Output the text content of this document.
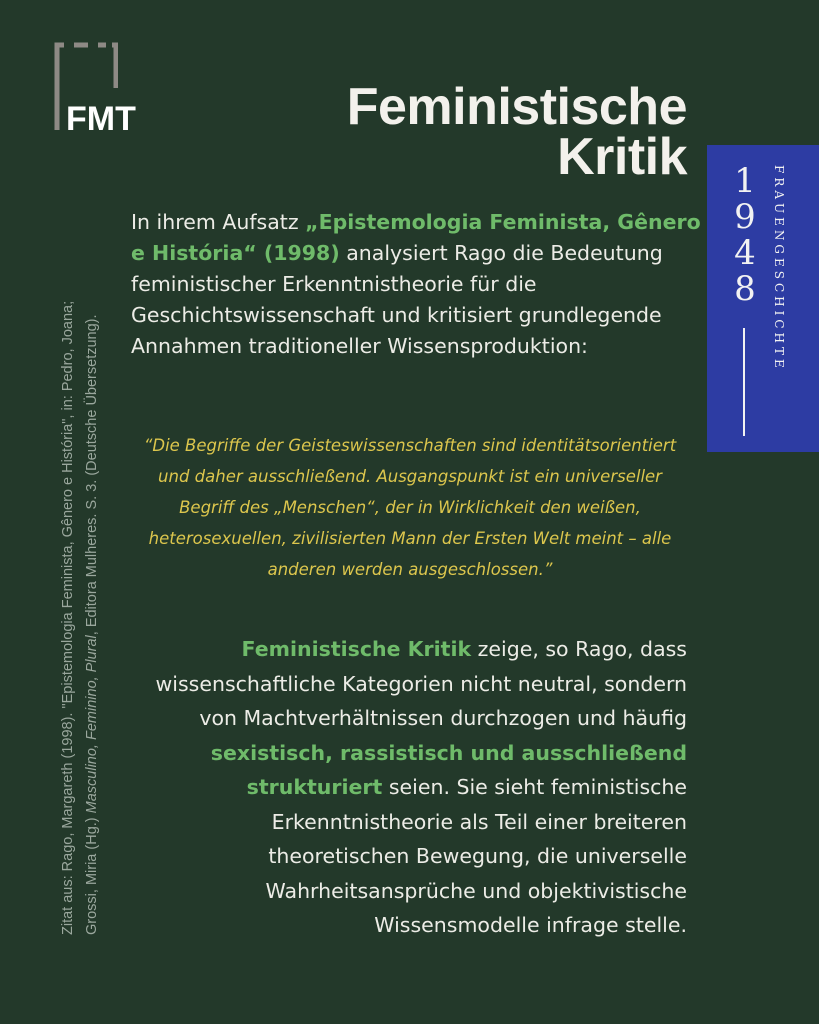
FMT	Feministische
Kritik 1
9
4
8	FRAUENGESCHICHTE
Zitat aus: Rago, Margareth (1998). "Epistemologia Feminista, Gênero e História", in: Pedro, Joana; Grossi, Miria (Hg.) Masculino, Feminino, Plural, Editora Mulheres. S. 3. (Deutsche Übersetzung).
In ihrem Aufsatz „Epistemologia Feminista, Gênero e História“ (1998) analysiert Rago die Bedeutung feministischer Erkenntnistheorie für die Geschichtswissenschaft und kritisiert grundlegende Annahmen traditioneller Wissensproduktion:
“Die Begriffe der Geisteswissenschaften sind identitätsorientiert und daher ausschließend. Ausgangspunkt ist ein universeller Begriff des „Menschen“, der in Wirklichkeit den weißen, heterosexuellen, zivilisierten Mann der Ersten Welt meint – alle anderen werden ausgeschlossen.”
Feministische Kritik zeige, so Rago, dass wissenschaftliche Kategorien nicht neutral, sondern von Machtverhältnissen durchzogen und häufig sexistisch, rassistisch und ausschließend strukturiert seien. Sie sieht feministische Erkenntnistheorie als Teil einer breiteren theoretischen Bewegung, die universelle Wahrheitsansprüche und objektivistische Wissensmodelle infrage stelle.
